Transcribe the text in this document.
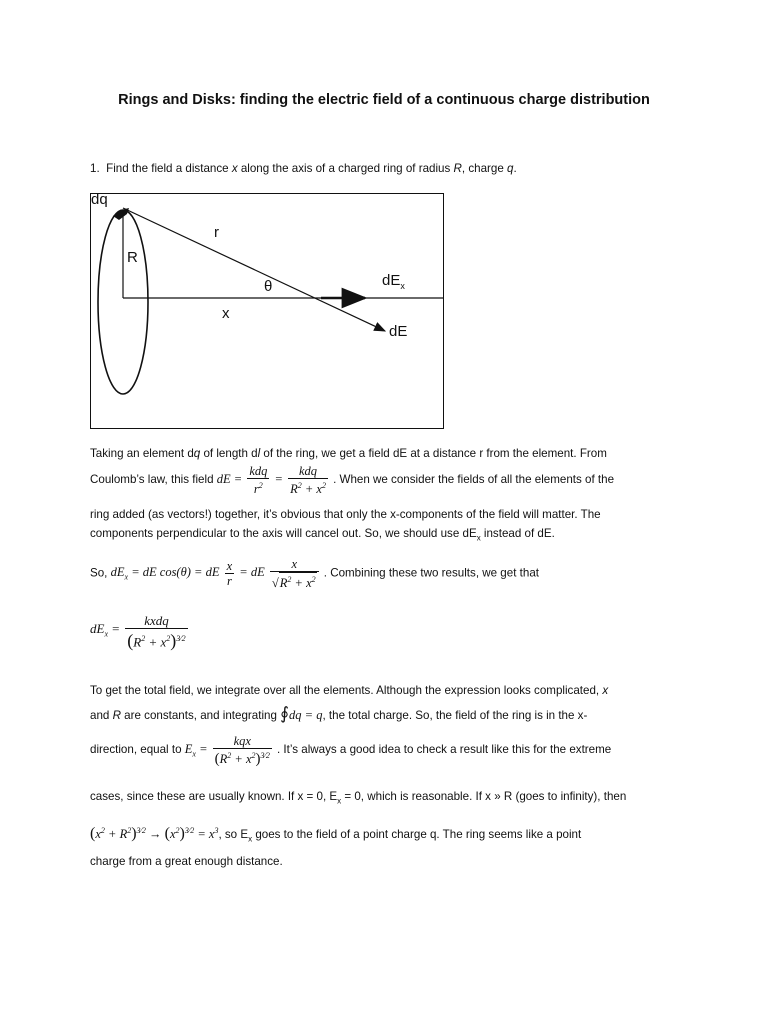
Rings and Disks: finding the electric field of a continuous charge distribution
1. Find the field a distance x along the axis of a charged ring of radius R, charge q.
dq
r
R
θ	$dE_x$
x
dE
Taking an element dq of length dl of the ring, we get a field dE at a distance r from the element. From
Coulomb’s law, this field dE = $\frac{\text{kdq}}{r^2} = \frac{\text{kdq}}{R^2 + x^2}$ . When we consider the fields of all the elements of the
ring added (as vectors!) together, it’s obvious that only the x-components of the field will matter. The
components perpendicular to the axis will cancel out. So, we should use $dE_x$ instead of dE.
So, $dE_x$ = dE cos(θ) = dE $\frac{x}{r}$ = dE $\frac{x}{√R^2 + x^2}$ . Combining these two results, we get that
$dE_x = \frac{\text{kxdq}}{(R^2 + x^2)^{3⁄2}}$
To get the total field, we integrate over all the elements. Although the expression looks complicated, x
and R are constants, and integrating ∮dq = q, the total charge. So, the field of the ring is in the x-
direction, equal to $E_x = \frac{\text{kqx}}{(R^2 + x^2)^{3⁄2}}$ . It’s always a good idea to check a result like this for the extreme
cases, since these are usually known. If x = 0, $E_x = 0$, which is reasonable. If x » R (goes to infinity), then
$(x^2 + R^2)^{3⁄2} \to (x^2)^{3⁄2} = x^3$, so $E_x$ goes to the field of a point charge q. The ring seems like a point
charge from a great enough distance.
